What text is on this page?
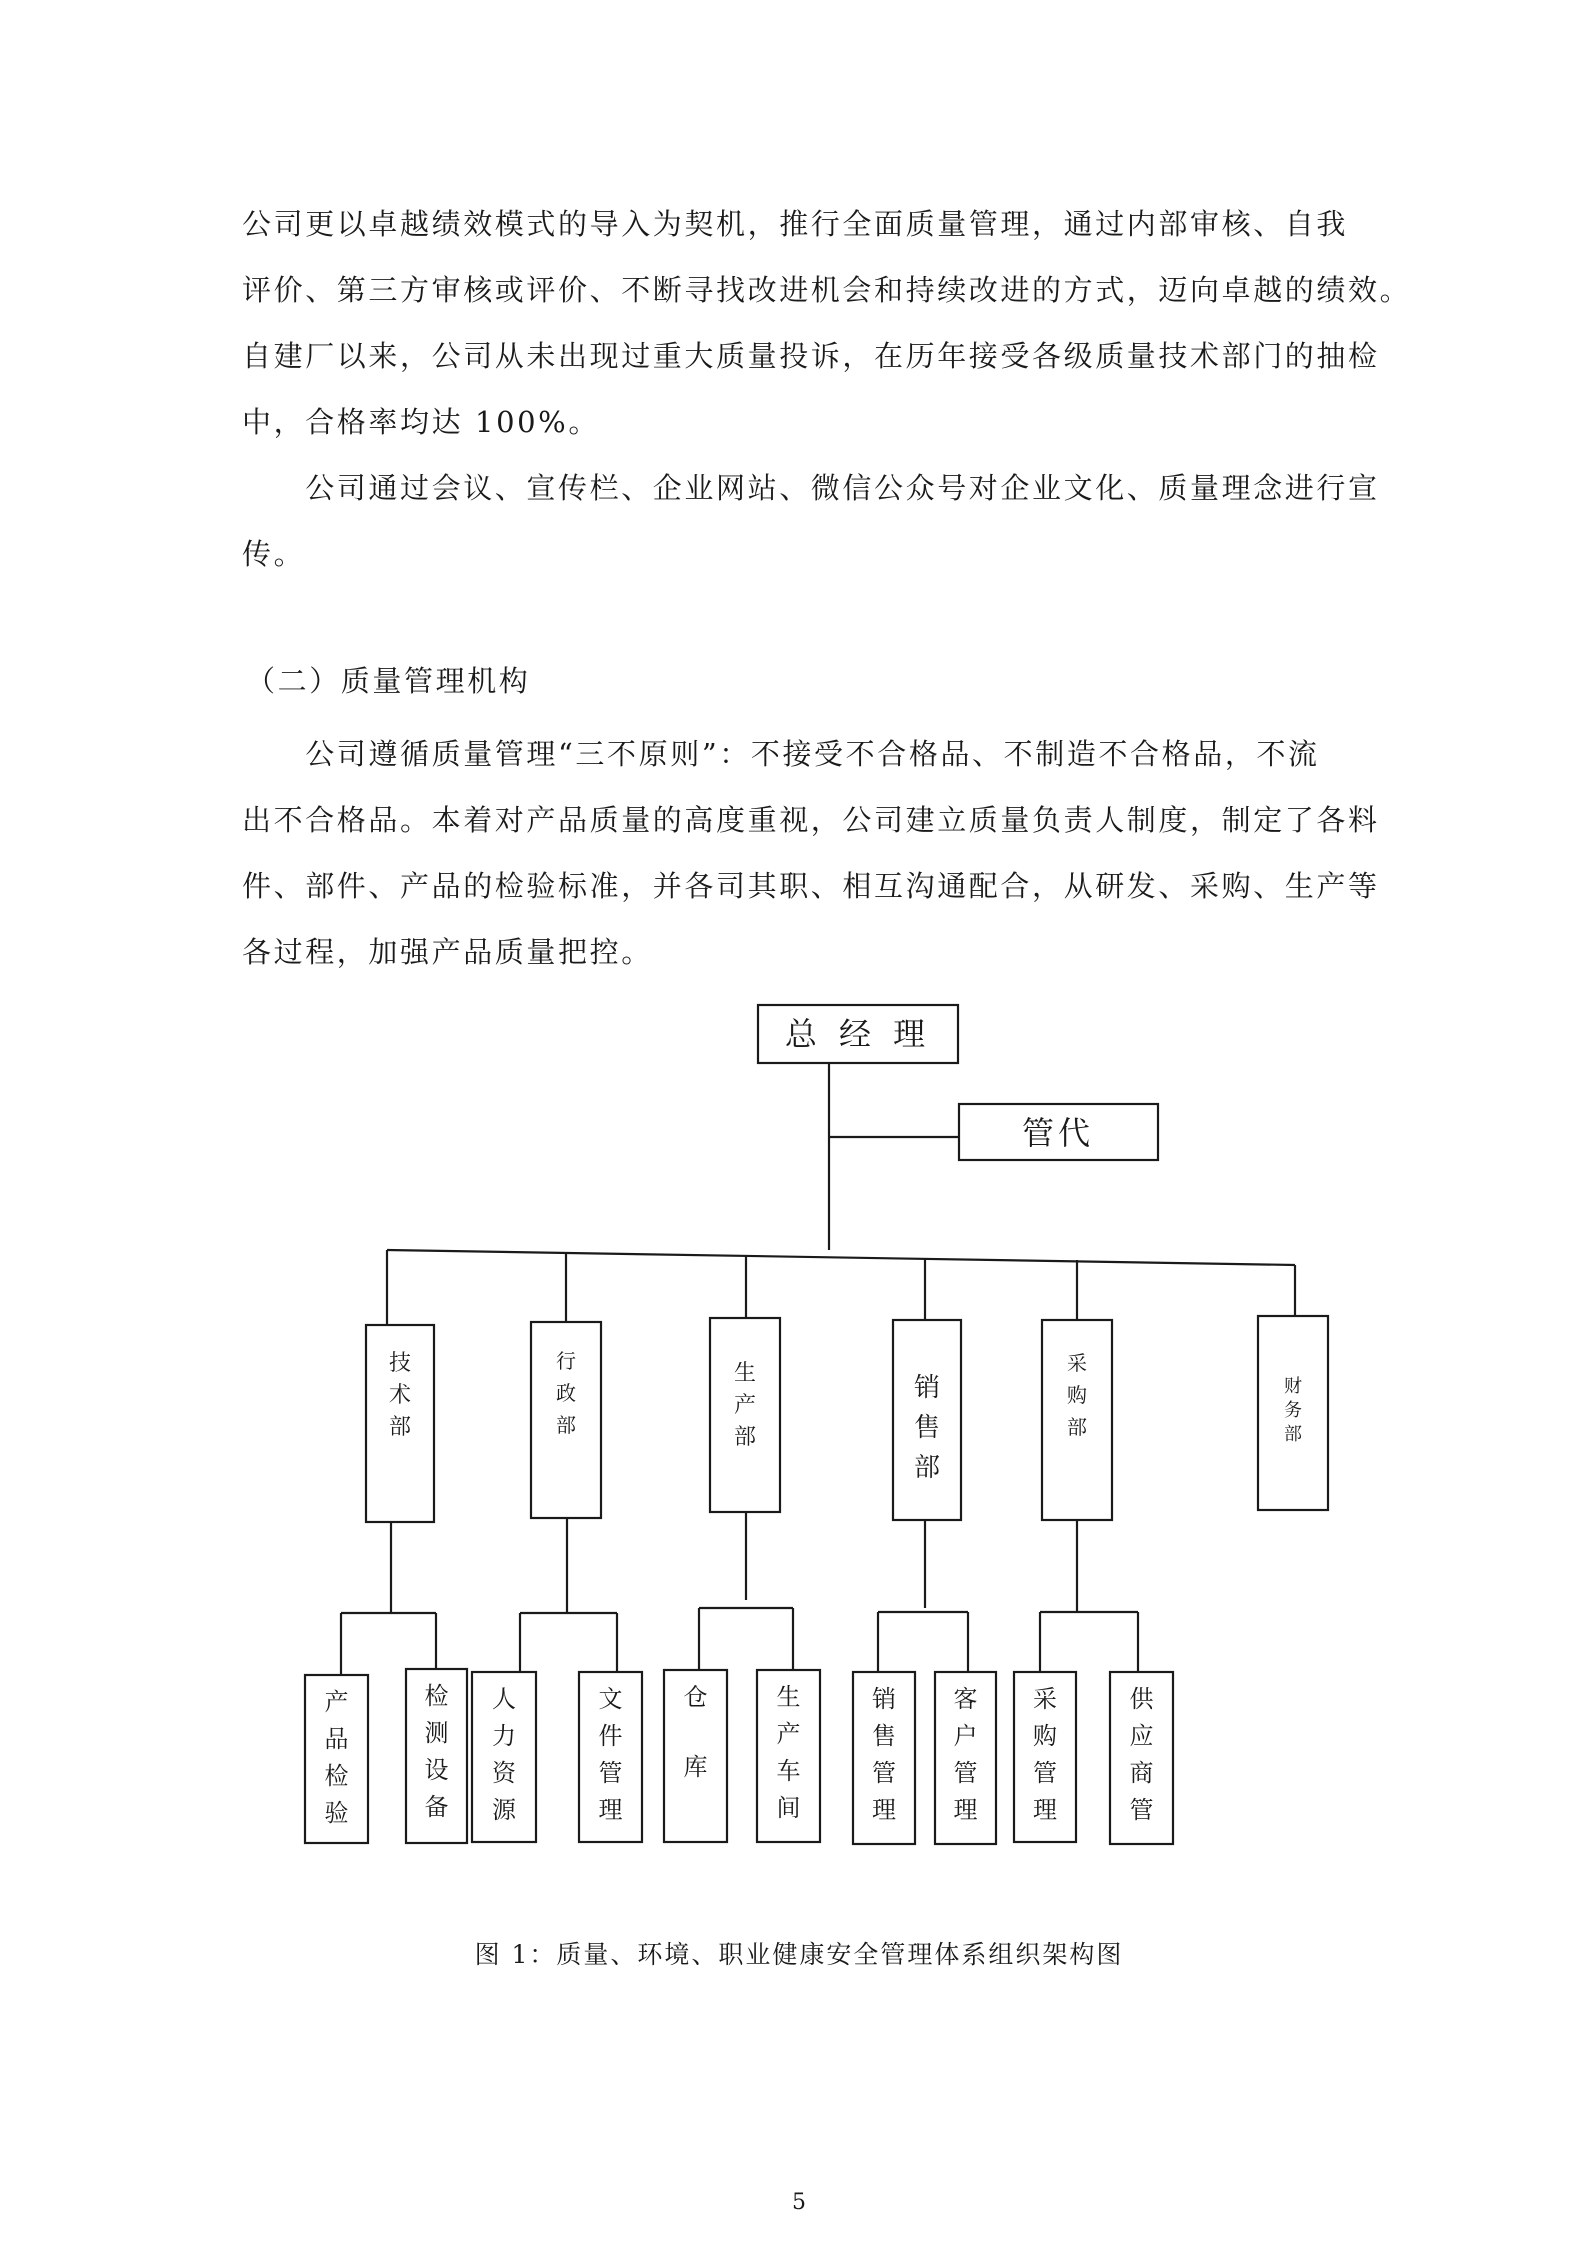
公司更以卓越绩效模式的导入为契机，推行全面质量管理，通过内部审核、自我

评价、第三方审核或评价、不断寻找改进机会和持续改进的方式，迈向卓越的绩效。

自建厂以来，公司从未出现过重大质量投诉，在历年接受各级质量技术部门的抽检

中，合格率均达 100%。

　　公司通过会议、宣传栏、企业网站、微信公众号对企业文化、质量理念进行宣

传。

（二）质量管理机构

　　公司遵循质量管理“三不原则”：不接受不合格品、不制造不合格品，不流

出不合格品。本着对产品质量的高度重视，公司建立质量负责人制度，制定了各料

件、部件、产品的检验标准，并各司其职、相互沟通配合，从研发、采购、生产等

各过程，加强产品质量把控。

总 经 理
管代
技
术
部
行
政
部
生
产
部
销
售
部
采
购
部
财
务
部
产
品
检
验
检
测
设
备
人
力
资
源
文
件
管
理
仓
库
生
产
车
间
销
售
管
理
客
户
管
理
采
购
管
理
供
应
商
管
图 1：质量、环境、职业健康安全管理体系组织架构图
5
